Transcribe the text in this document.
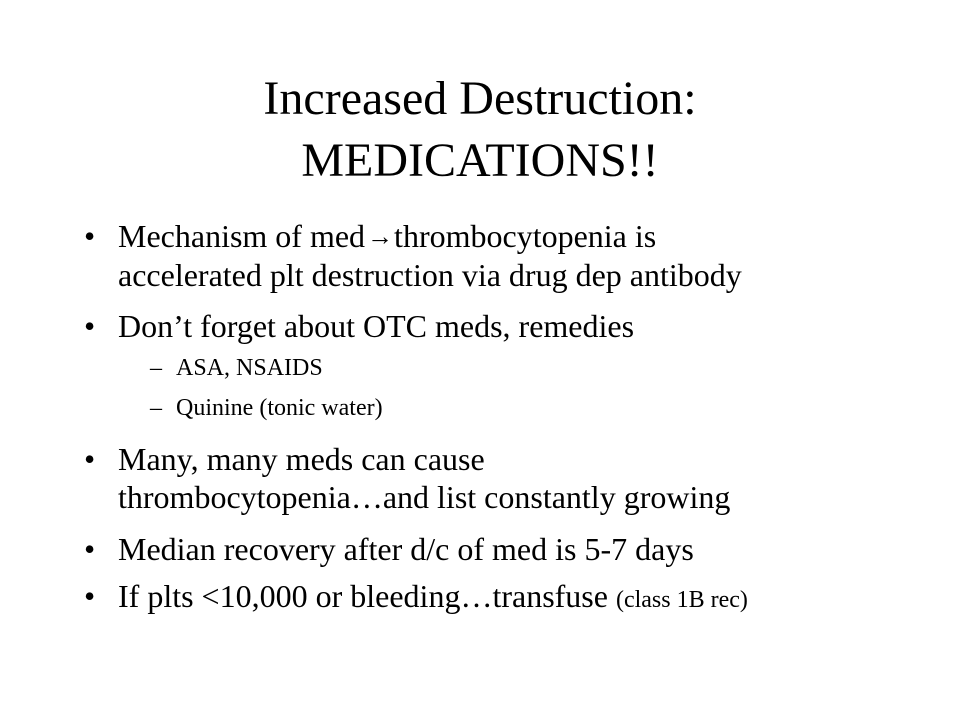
Increased Destruction:
MEDICATIONS!!
• Mechanism of med→thrombocytopenia is
accelerated plt destruction via drug dep antibody
• Don’t forget about OTC meds, remedies
– ASA, NSAIDS
– Quinine (tonic water)
• Many, many meds can cause
thrombocytopenia…and list constantly growing
• Median recovery after d/c of med is 5-7 days
• If plts <10,000 or bleeding…transfuse (class 1B rec)
